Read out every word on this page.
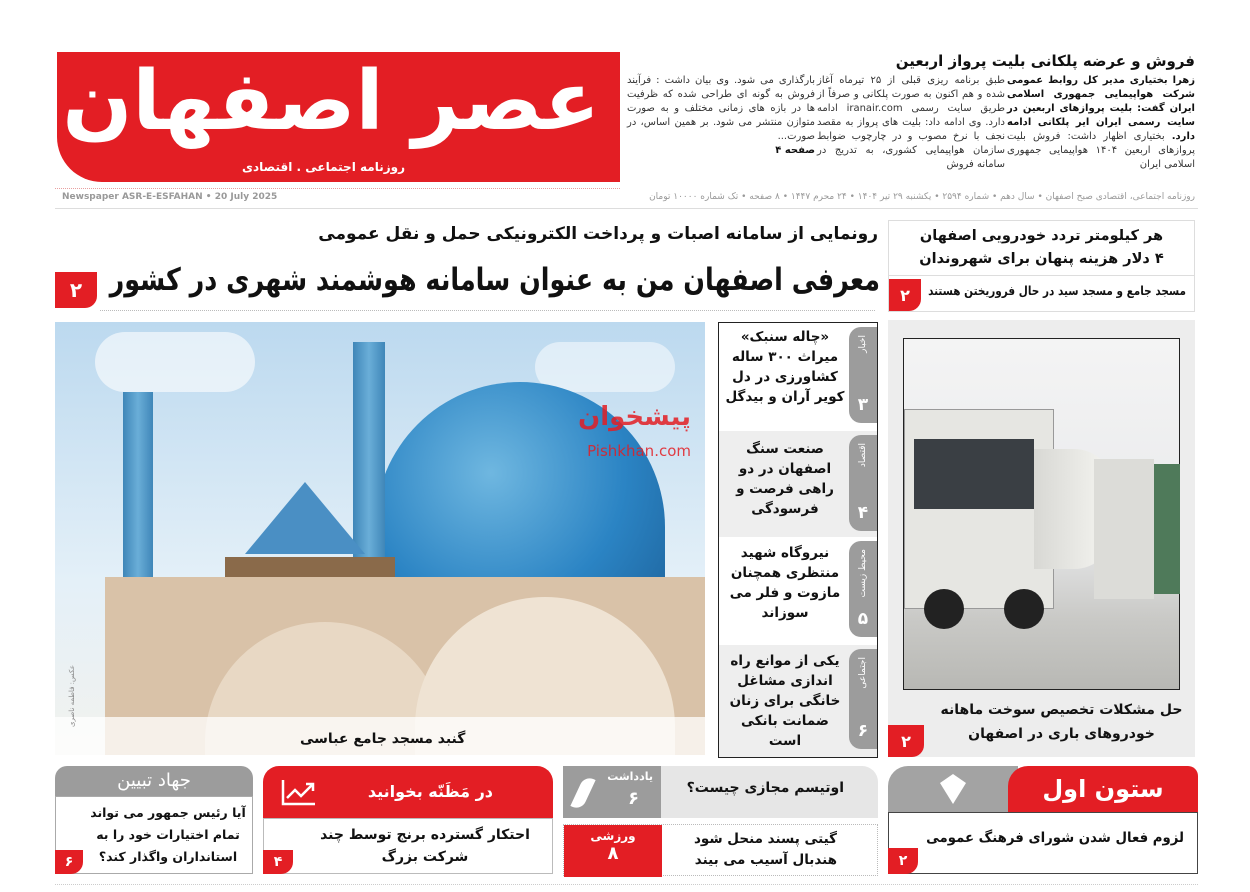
عصر اصفهان
روزنامه اجتماعی . اقتصادی
فروش و عرضه پلکانی بلیت پرواز اربعین
زهرا بختیاری مدیر کل روابط عمومی شرکت هواپیمایی جمهوری اسلامی ایران گفت: بلیت پروازهای اربعین در سایت رسمی ایران ایر پلکانی ادامه دارد. بختیاری اظهار داشت: فروش بلیت پروازهای اربعین ۱۴۰۴ هواپیمایی جمهوری اسلامی ایران
طبق برنامه ریزی قبلی از ۲۵ تیرماه آغاز شده و هم اکنون به صورت پلکانی و صرفاً از طریق سایت رسمی iranair.com ادامه دارد. وی ادامه داد: بلیت های پرواز به مقصد نجف با نرخ مصوب و در چارچوب ضوابط سازمان هواپیمایی کشوری، به تدریج در سامانه فروش
بارگذاری می شود. وی بیان داشت : فرآیند فروش به گونه ای طراحی شده که ظرفیت ها در بازه های زمانی مختلف و به صورت متوازن منتشر می شود. بر همین اساس، در صورت...
صفحه ۴
روزنامه اجتماعی، اقتصادی صبح اصفهان • سال دهم • شماره ۲۵۹۴ • یکشنبه ۲۹ تیر ۱۴۰۴ • ۲۴ محرم ۱۴۴۷ • ۸ صفحه • تک شماره ۱۰۰۰۰ تومان
Newspaper ASR-E-ESFAHAN • 20 July 2025
رونمایی از سامانه اصبات و پرداخت الکترونیکی حمل و نقل عمومی
معرفی اصفهان من به عنوان سامانه هوشمند شهری در کشور
۲
هر کیلومتر تردد خودرویی اصفهان
۴ دلار هزینه پنهان برای شهروندان
مسجد جامع و مسجد سید در حال فروریختن هستند
۲
گنبد مسجد جامع عباسی
عکس: فاطمه ناصری
پیشخوان
Pishkhan.com
«چاله سنبک» میراث ۳۰۰ ساله کشاورزی در دل کویر آران و بیدگل
اخبار
۳
صنعت سنگ اصفهان در دو راهی فرصت و فرسودگی
اقتصاد
۴
نیروگاه شهید منتظری همچنان مازوت و فلر می سوزاند
محیط زیست
۵
یکی از موانع راه اندازی مشاغل خانگی برای زنان ضمانت بانکی است
اجتماعی
۶
حل مشکلات تخصیص سوخت ماهانه
خودروهای باری در اصفهان
۲
ستون اول
لزوم فعال شدن شورای فرهنگ عمومی
۲
یادداشت
۶	اوتیسم مجازی چیست؟
ورزشی
۸
گیتی پسند منحل شود هندبال آسیب می بیند
در مَظَنّه بخوانید
احتکار گسترده برنج توسط چند شرکت بزرگ
۴
جهاد تبیین
آیا رئیس جمهور می تواند تمام اختیارات خود را به استانداران واگذار کند؟
۶
